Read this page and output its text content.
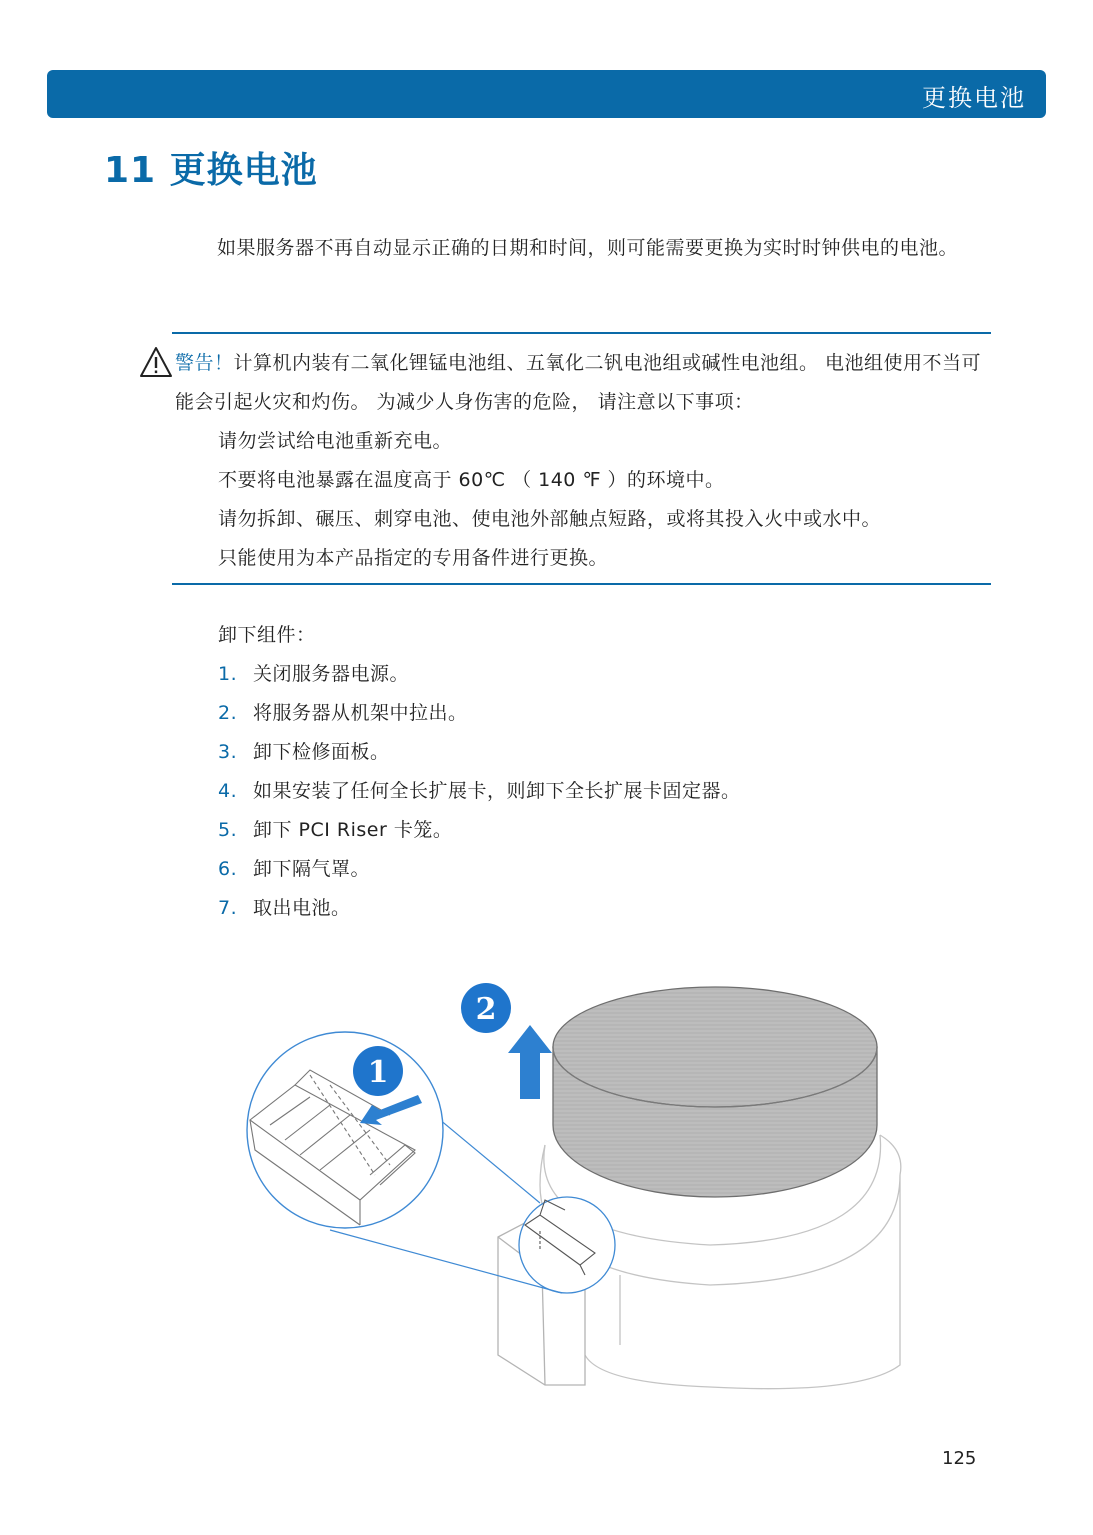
更换电池
11 更换电池

如果服务器不再自动显示正确的日期和时间，则可能需要更换为实时时钟供电的电池。

警告！计算机内装有二氧化锂锰电池组、五氧化二钒电池组或碱性电池组。 电池组使用不当可能会引起火灾和灼伤。 为减少人身伤害的危险， 请注意以下事项：

请勿尝试给电池重新充电。
不要将电池暴露在温度高于 60℃ （ 140 ℉ ）的环境中。
请勿拆卸、碾压、刺穿电池、使电池外部触点短路，或将其投入火中或水中。
只能使用为本产品指定的专用备件进行更换。

卸下组件：

1. 关闭服务器电源。
2. 将服务器从机架中拉出。
3. 卸下检修面板。
4. 如果安装了任何全长扩展卡，则卸下全长扩展卡固定器。
5. 卸下 PCI Riser 卡笼。
6. 卸下隔气罩。
7. 取出电池。
1
2
125
